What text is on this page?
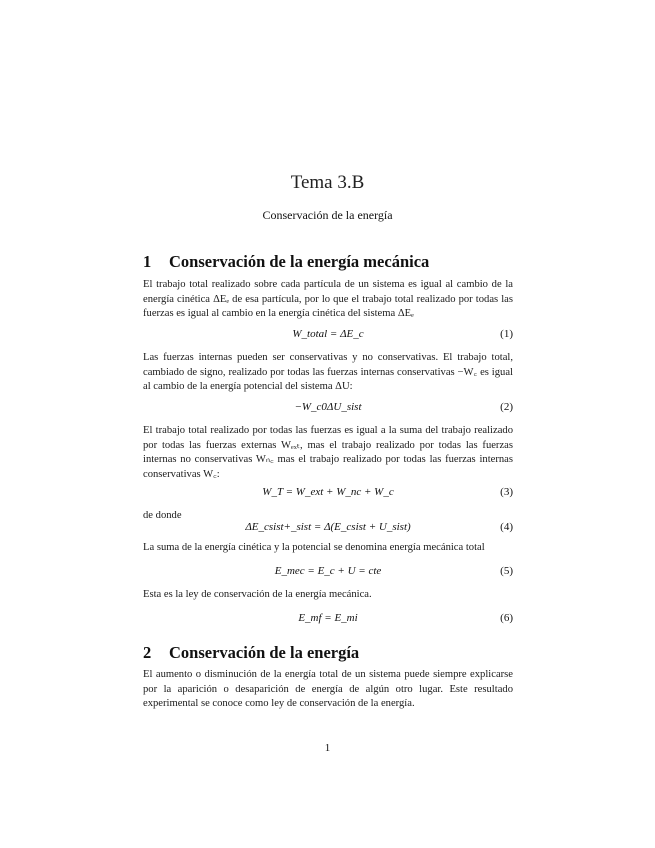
Tema 3.B
Conservación de la energía
1 Conservación de la energía mecánica
El trabajo total realizado sobre cada partícula de un sistema es igual al cambio de la energía cinética ΔEₑ de esa partícula, por lo que el trabajo total realizado por todas las fuerzas es igual al cambio en la energía cinética del sistema ΔEₑ
W_total = ΔE_c	(1)
Las fuerzas internas pueden ser conservativas y no conservativas. El trabajo total, cambiado de signo, realizado por todas las fuerzas internas conservativas −W꜀ es igual al cambio de la energía potencial del sistema ΔU:
−W_c0ΔU_sist	(2)
El trabajo total realizado por todas las fuerzas es igual a la suma del trabajo realizado por todas las fuerzas externas Wₑₓₜ, mas el trabajo realizado por todas las fuerzas internas no conservativas Wₙ꜀ mas el trabajo realizado por todas las fuerzas internas conservativas W꜀:
W_T = W_ext + W_nc + W_c	(3)
de donde
ΔE_csist+_sist = Δ(E_csist + U_sist)	(4)
La suma de la energía cinética y la potencial se denomina energía mecánica total
E_mec = E_c + U = cte	(5)
Esta es la ley de conservación de la energía mecánica.
E_mf = E_mi	(6)
2 Conservación de la energía
El aumento o disminución de la energía total de un sistema puede siempre explicarse por la aparición o desaparición de energía de algún otro lugar. Este resultado experimental se conoce como ley de conservación de la energía.
1
